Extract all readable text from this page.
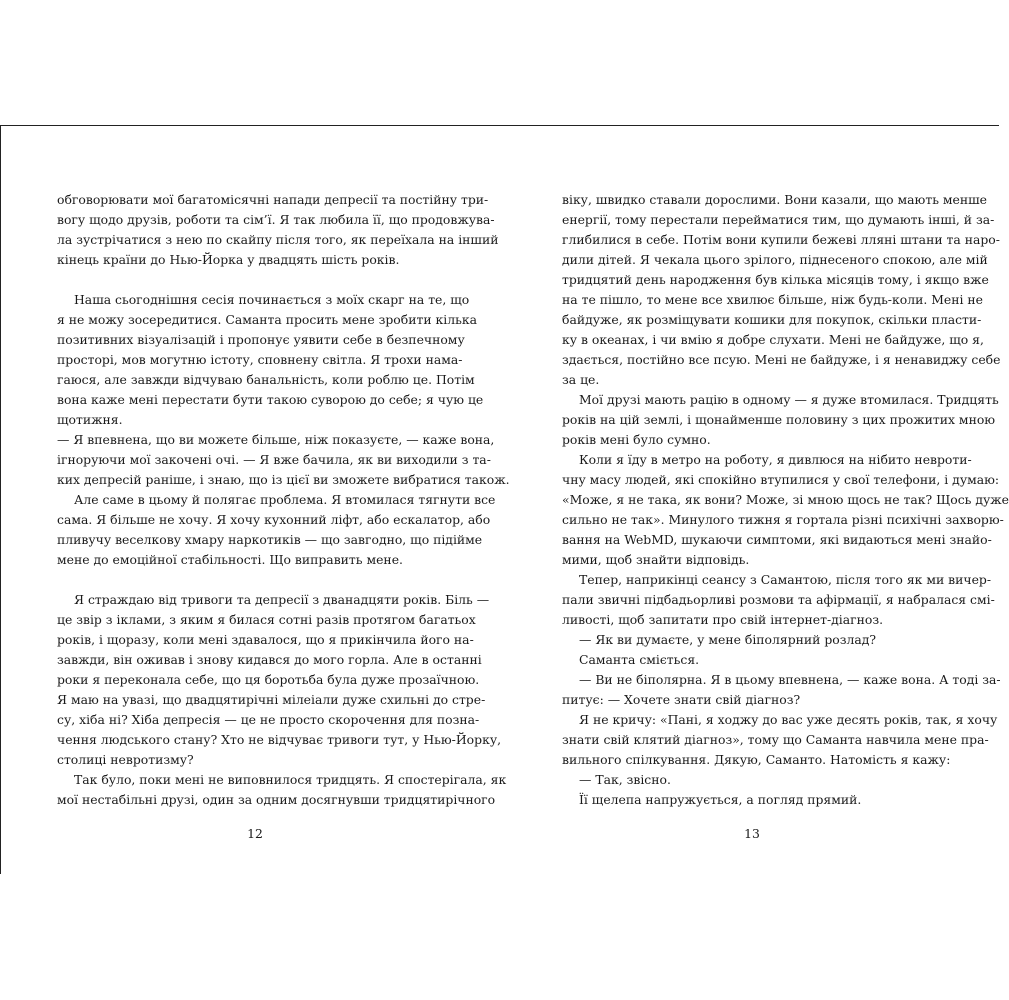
обговорювати мої багатомісячні напади депресії та постійну три-
вогу щодо друзів, роботи та сім’ї. Я так любила її, що продовжува-
ла зустрічатися з нею по скайпу після того, як переїхала на інший
кінець країни до Нью-Йорка у двадцять шість років.
Наша сьогоднішня сесія починається з моїх скарг на те, що
я не можу зосередитися. Саманта просить мене зробити кілька
позитивних візуалізацій і пропонує уявити себе в безпечному
просторі, мов могутню істоту, сповнену світла. Я трохи нама-
гаюся, але завжди відчуваю банальність, коли роблю це. Потім
вона каже мені перестати бути такою суворою до себе; я чую це
щотижня.
— Я впевнена, що ви можете більше, ніж показуєте, — каже вона,
ігноруючи мої закочені очі. — Я вже бачила, як ви виходили з та-
ких депресій раніше, і знаю, що із цієї ви зможете вибратися також.
Але саме в цьому й полягає проблема. Я втомилася тягнути все
сама. Я більше не хочу. Я хочу кухонний ліфт, або ескалатор, або
пливучу веселкову хмару наркотиків — що завгодно, що підійме
мене до емоційної стабільності. Що виправить мене.
Я страждаю від тривоги та депресії з дванадцяти років. Біль —
це звір з іклами, з яким я билася сотні разів протягом багатьох
років, і щоразу, коли мені здавалося, що я прикінчила його на-
завжди, він оживав і знову кидався до мого горла. Але в останні
роки я переконала себе, що ця боротьба була дуже прозаїчною.
Я маю на увазі, що двадцятирічні мілеіали дуже схильні до стре-
су, хіба ні? Хіба депресія — це не просто скорочення для позна-
чення людського стану? Хто не відчуває тривоги тут, у Нью-Йорку,
столиці невротизму?
Так було, поки мені не виповнилося тридцять. Я спостерігала, як
мої нестабільні друзі, один за одним досягнувши тридцятирічного
віку, швидко ставали дорослими. Вони казали, що мають менше
енергії, тому перестали перейматися тим, що думають інші, й за-
глибилися в себе. Потім вони купили бежеві лляні штани та наро-
дили дітей. Я чекала цього зрілого, піднесеного спокою, але мій
тридцятий день народження був кілька місяців тому, і якщо вже
на те пішло, то мене все хвилює більше, ніж будь-коли. Мені не
байдуже, як розміщувати кошики для покупок, скільки пласти-
ку в океанах, і чи вмію я добре слухати. Мені не байдуже, що я,
здається, постійно все псую. Мені не байдуже, і я ненавиджу себе
за це.
Мої друзі мають рацію в одному — я дуже втомилася. Тридцять
років на цій землі, і щонайменше половину з цих прожитих мною
років мені було сумно.
Коли я їду в метро на роботу, я дивлюся на нібито невроти-
чну масу людей, які спокійно втупилися у свої телефони, і думаю:
«Може, я не така, як вони? Може, зі мною щось не так? Щось дуже
сильно не так». Минулого тижня я гортала різні психічні захворю-
вання на WebMD, шукаючи симптоми, які видаються мені знайо-
мими, щоб знайти відповідь.
Тепер, наприкінці сеансу з Самантою, після того як ми вичер-
пали звичні підбадьорливі розмови та афірмації, я набралася смі-
ливості, щоб запитати про свій інтернет-діагноз.
— Як ви думаєте, у мене біполярний розлад?
Саманта сміється.
— Ви не біполярна. Я в цьому впевнена, — каже вона. А тоді за-
питує: — Хочете знати свій діагноз?
Я не кричу: «Пані, я ходжу до вас уже десять років, так, я хочу
знати свій клятий діагноз», тому що Саманта навчила мене пра-
вильного спілкування. Дякую, Саманто. Натомість я кажу:
— Так, звісно.
Її щелепа напружується, а погляд прямий.
12	13
